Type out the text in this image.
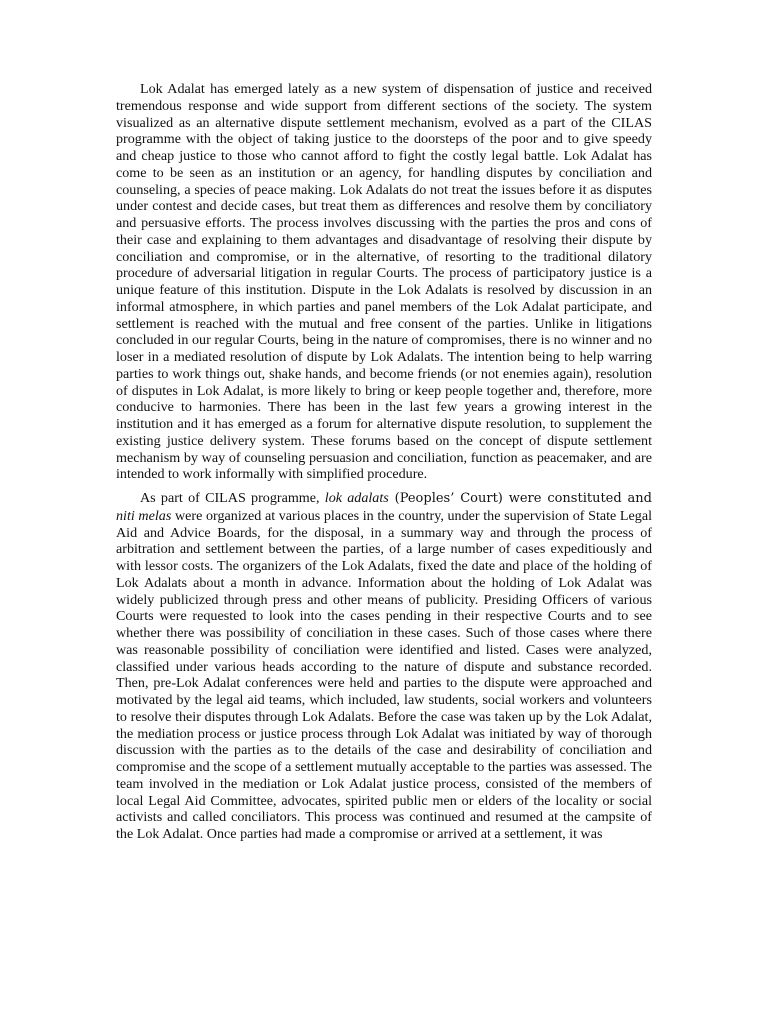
Lok Adalat has emerged lately as a new system of dispensation of justice and received tremendous response and wide support from different sections of the society. The system visualized as an alternative dispute settlement mechanism, evolved as a part of the CILAS programme with the object of taking justice to the doorsteps of the poor and to give speedy and cheap justice to those who cannot afford to fight the costly legal battle. Lok Adalat has come to be seen as an institution or an agency, for handling disputes by conciliation and counseling, a species of peace making. Lok Adalats do not treat the issues before it as disputes under contest and decide cases, but treat them as differences and resolve them by conciliatory and persuasive efforts. The process involves discussing with the parties the pros and cons of their case and explaining to them advantages and disadvantage of resolving their dispute by conciliation and compromise, or in the alternative, of resorting to the traditional dilatory procedure of adversarial litigation in regular Courts. The process of participatory justice is a unique feature of this institution. Dispute in the Lok Adalats is resolved by discussion in an informal atmosphere, in which parties and panel members of the Lok Adalat participate, and settlement is reached with the mutual and free consent of the parties. Unlike in litigations concluded in our regular Courts, being in the nature of compromises, there is no winner and no loser in a mediated resolution of dispute by Lok Adalats. The intention being to help warring parties to work things out, shake hands, and become friends (or not enemies again), resolution of disputes in Lok Adalat, is more likely to bring or keep people together and, therefore, more conducive to harmonies. There has been in the last few years a growing interest in the institution and it has emerged as a forum for alternative dispute resolution, to supplement the existing justice delivery system. These forums based on the concept of dispute settlement mechanism by way of counseling persuasion and conciliation, function as peacemaker, and are intended to work informally with simplified procedure.

As part of CILAS programme, lok adalats (Peoples’ Court) were constituted and niti melas were organized at various places in the country, under the supervision of State Legal Aid and Advice Boards, for the disposal, in a summary way and through the process of arbitration and settlement between the parties, of a large number of cases expeditiously and with lessor costs. The organizers of the Lok Adalats, fixed the date and place of the holding of Lok Adalats about a month in advance. Information about the holding of Lok Adalat was widely publicized through press and other means of publicity. Presiding Officers of various Courts were requested to look into the cases pending in their respective Courts and to see whether there was possibility of conciliation in these cases. Such of those cases where there was reasonable possibility of conciliation were identified and listed. Cases were analyzed, classified under various heads according to the nature of dispute and substance recorded. Then, pre-Lok Adalat conferences were held and parties to the dispute were approached and motivated by the legal aid teams, which included, law students, social workers and volunteers to resolve their disputes through Lok Adalats. Before the case was taken up by the Lok Adalat, the mediation process or justice process through Lok Adalat was initiated by way of thorough discussion with the parties as to the details of the case and desirability of conciliation and compromise and the scope of a settlement mutually acceptable to the parties was assessed. The team involved in the mediation or Lok Adalat justice process, consisted of the members of local Legal Aid Committee, advocates, spirited public men or elders of the locality or social activists and called conciliators. This process was continued and resumed at the campsite of the Lok Adalat. Once parties had made a compromise or arrived at a settlement, it was
